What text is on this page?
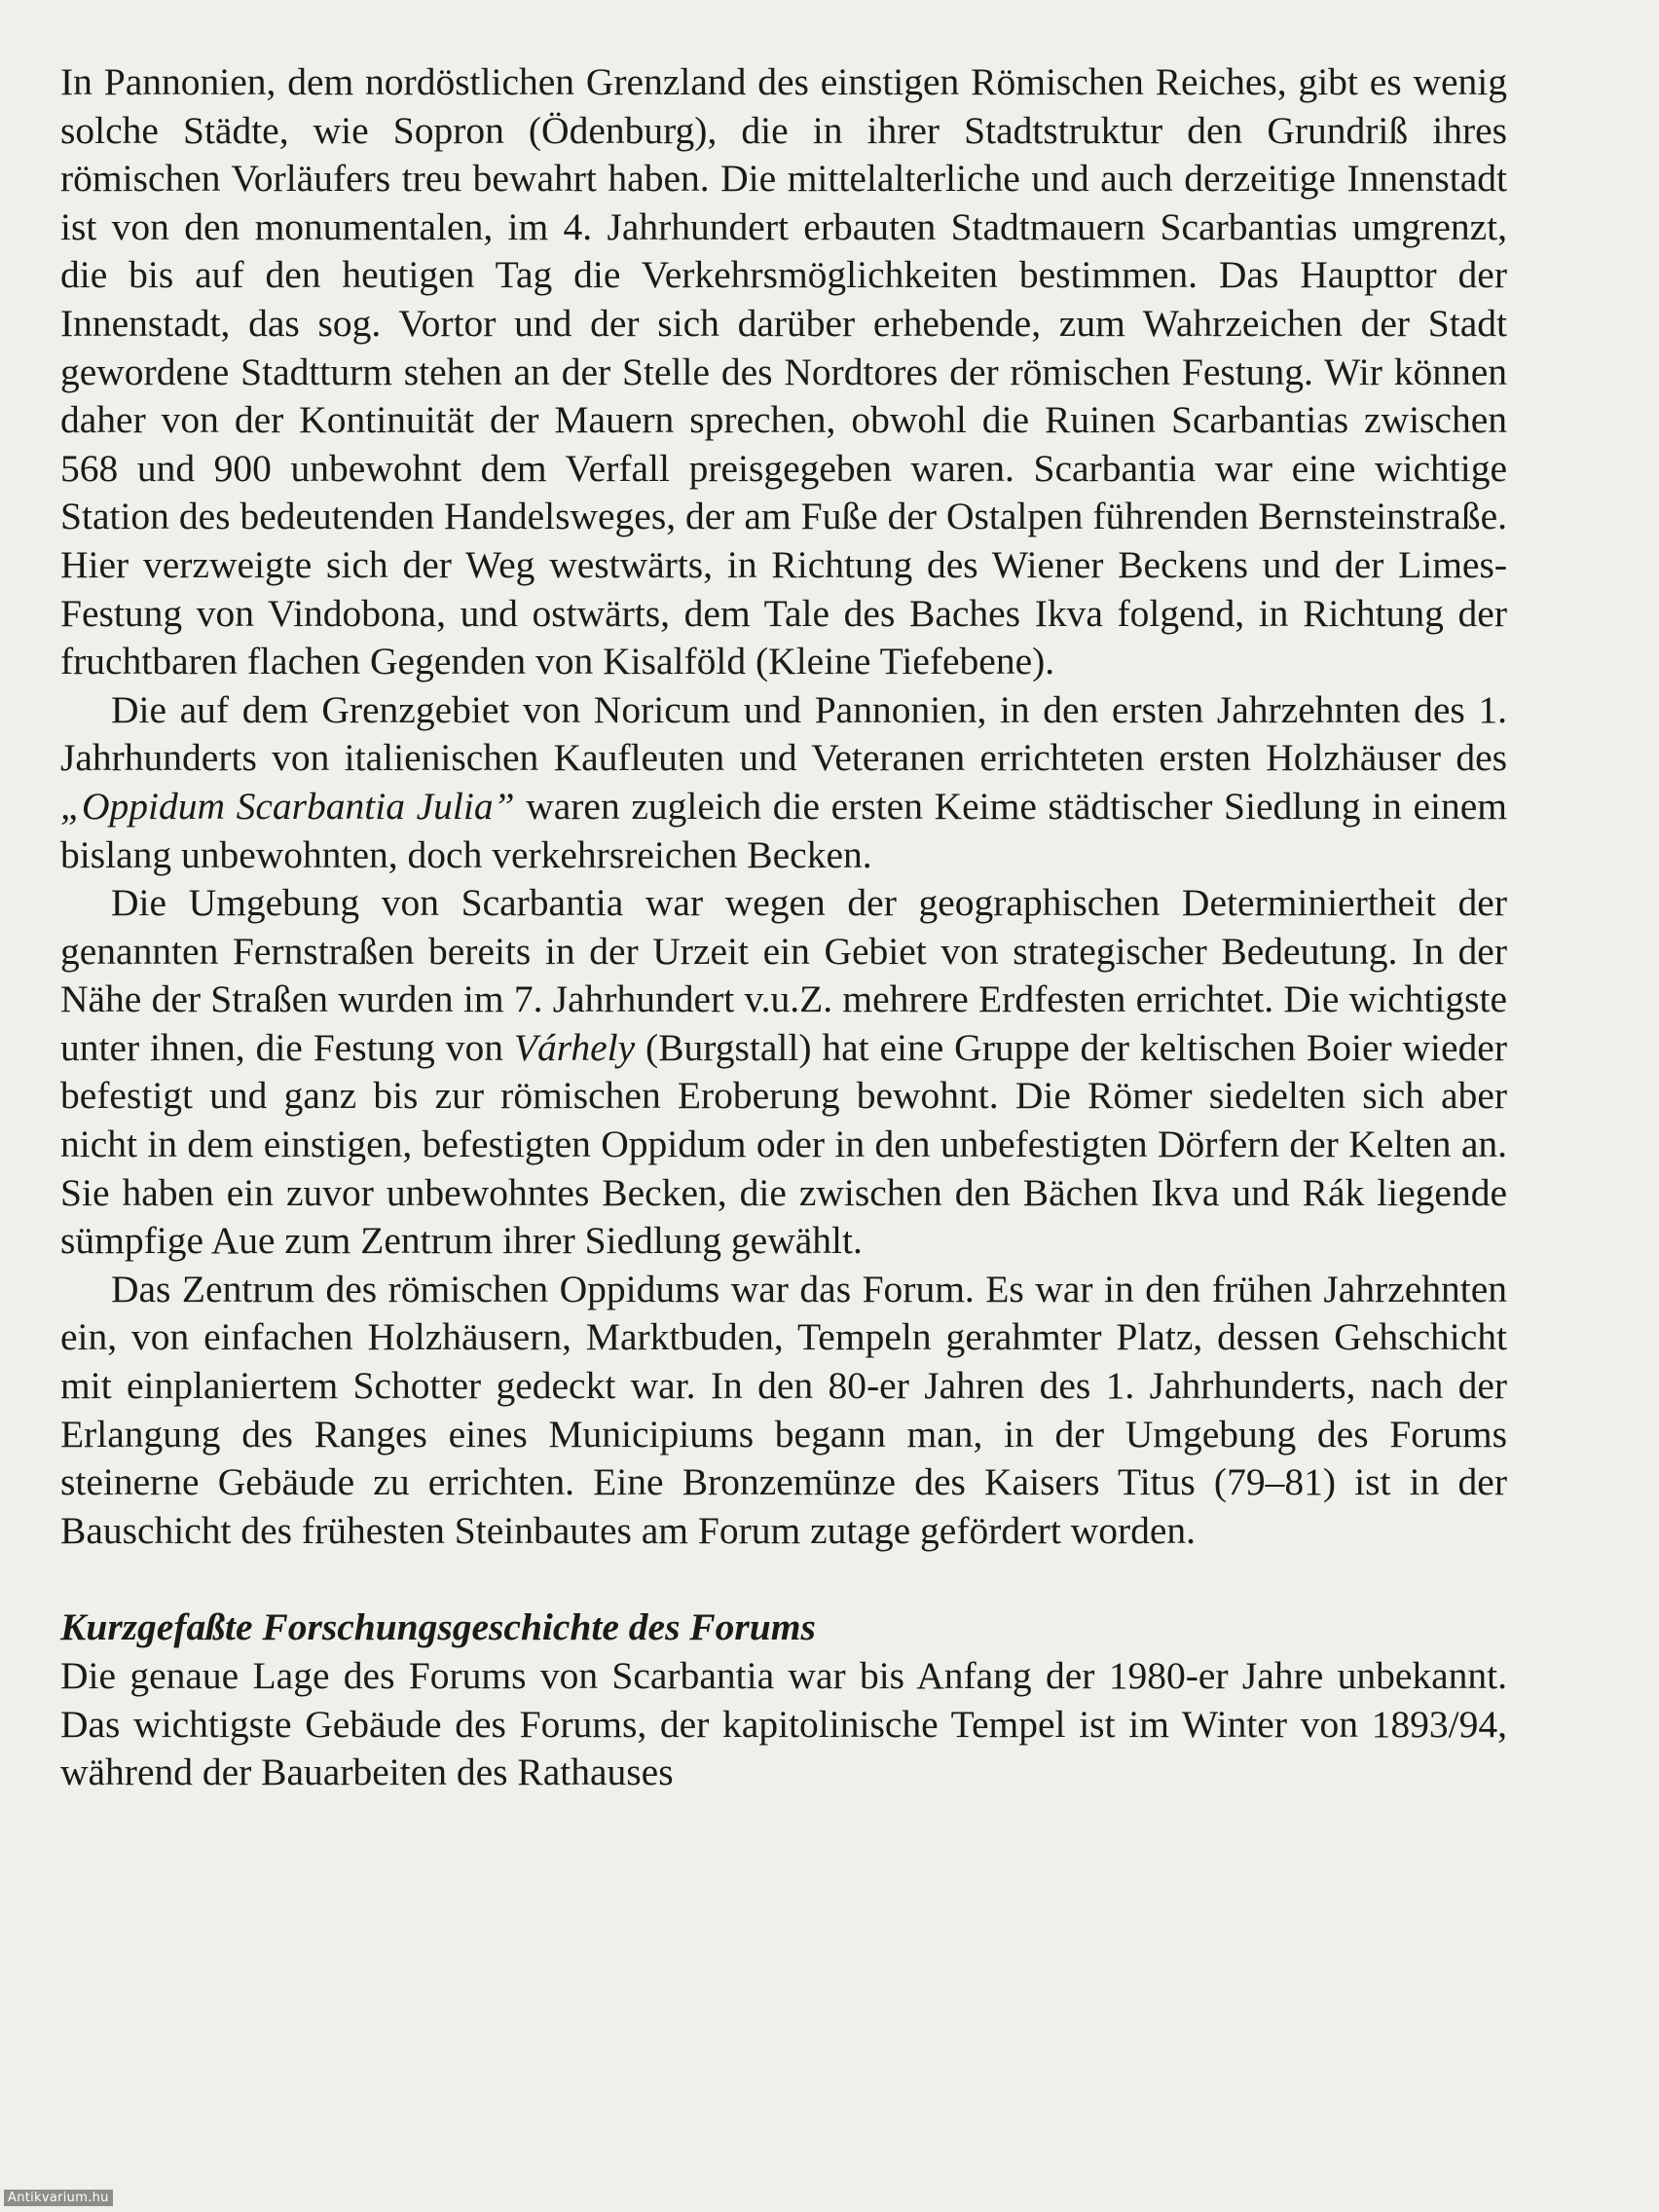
In Pannonien, dem nordöstlichen Grenzland des einstigen Römischen Reiches, gibt es wenig solche Städte, wie Sopron (Ödenburg), die in ihrer Stadtstruktur den Grundriß ihres römischen Vorläufers treu bewahrt haben. Die mittelalterliche und auch derzeitige Innenstadt ist von den monumentalen, im 4. Jahrhundert erbauten Stadtmauern Scarbantias umgrenzt, die bis auf den heutigen Tag die Verkehrsmöglichkeiten bestimmen. Das Haupttor der Innenstadt, das sog. Vortor und der sich darüber erhebende, zum Wahrzeichen der Stadt gewordene Stadtturm stehen an der Stelle des Nordtores der römischen Festung. Wir können daher von der Kontinuität der Mauern sprechen, obwohl die Ruinen Scarbantias zwischen 568 und 900 unbewohnt dem Verfall preisgegeben waren. Scarbantia war eine wichtige Station des bedeutenden Handelsweges, der am Fuße der Ostalpen führenden Bernsteinstraße. Hier verzweigte sich der Weg westwärts, in Richtung des Wiener Beckens und der Limes-Festung von Vindobona, und ostwärts, dem Tale des Baches Ikva folgend, in Richtung der fruchtbaren flachen Gegenden von Kisalföld (Kleine Tiefebene).

Die auf dem Grenzgebiet von Noricum und Pannonien, in den ersten Jahrzehnten des 1. Jahrhunderts von italienischen Kaufleuten und Veteranen errichteten ersten Holzhäuser des „Oppidum Scarbantia Julia” waren zugleich die ersten Keime städtischer Siedlung in einem bislang unbewohnten, doch verkehrsreichen Becken.

Die Umgebung von Scarbantia war wegen der geographischen Determiniertheit der genannten Fernstraßen bereits in der Urzeit ein Gebiet von strategischer Bedeutung. In der Nähe der Straßen wurden im 7. Jahrhundert v.u.Z. mehrere Erdfesten errichtet. Die wichtigste unter ihnen, die Festung von Várhely (Burgstall) hat eine Gruppe der keltischen Boier wieder befestigt und ganz bis zur römischen Eroberung bewohnt. Die Römer siedelten sich aber nicht in dem einstigen, befestigten Oppidum oder in den unbefestigten Dörfern der Kelten an. Sie haben ein zuvor unbewohntes Becken, die zwischen den Bächen Ikva und Rák liegende sümpfige Aue zum Zentrum ihrer Siedlung gewählt.

Das Zentrum des römischen Oppidums war das Forum. Es war in den frühen Jahrzehnten ein, von einfachen Holzhäusern, Marktbuden, Tempeln gerahmter Platz, dessen Gehschicht mit einplaniertem Schotter gedeckt war. In den 80-er Jahren des 1. Jahrhunderts, nach der Erlangung des Ranges eines Municipiums begann man, in der Umgebung des Forums steinerne Gebäude zu errichten. Eine Bronzemünze des Kaisers Titus (79–81) ist in der Bauschicht des frühesten Steinbautes am Forum zutage gefördert worden.

Kurzgefaßte Forschungsgeschichte des Forums

Die genaue Lage des Forums von Scarbantia war bis Anfang der 1980-er Jahre unbekannt. Das wichtigste Gebäude des Forums, der kapitolinische Tempel ist im Winter von 1893/94, während der Bauarbeiten des Rathauses

Antikvarium.hu
